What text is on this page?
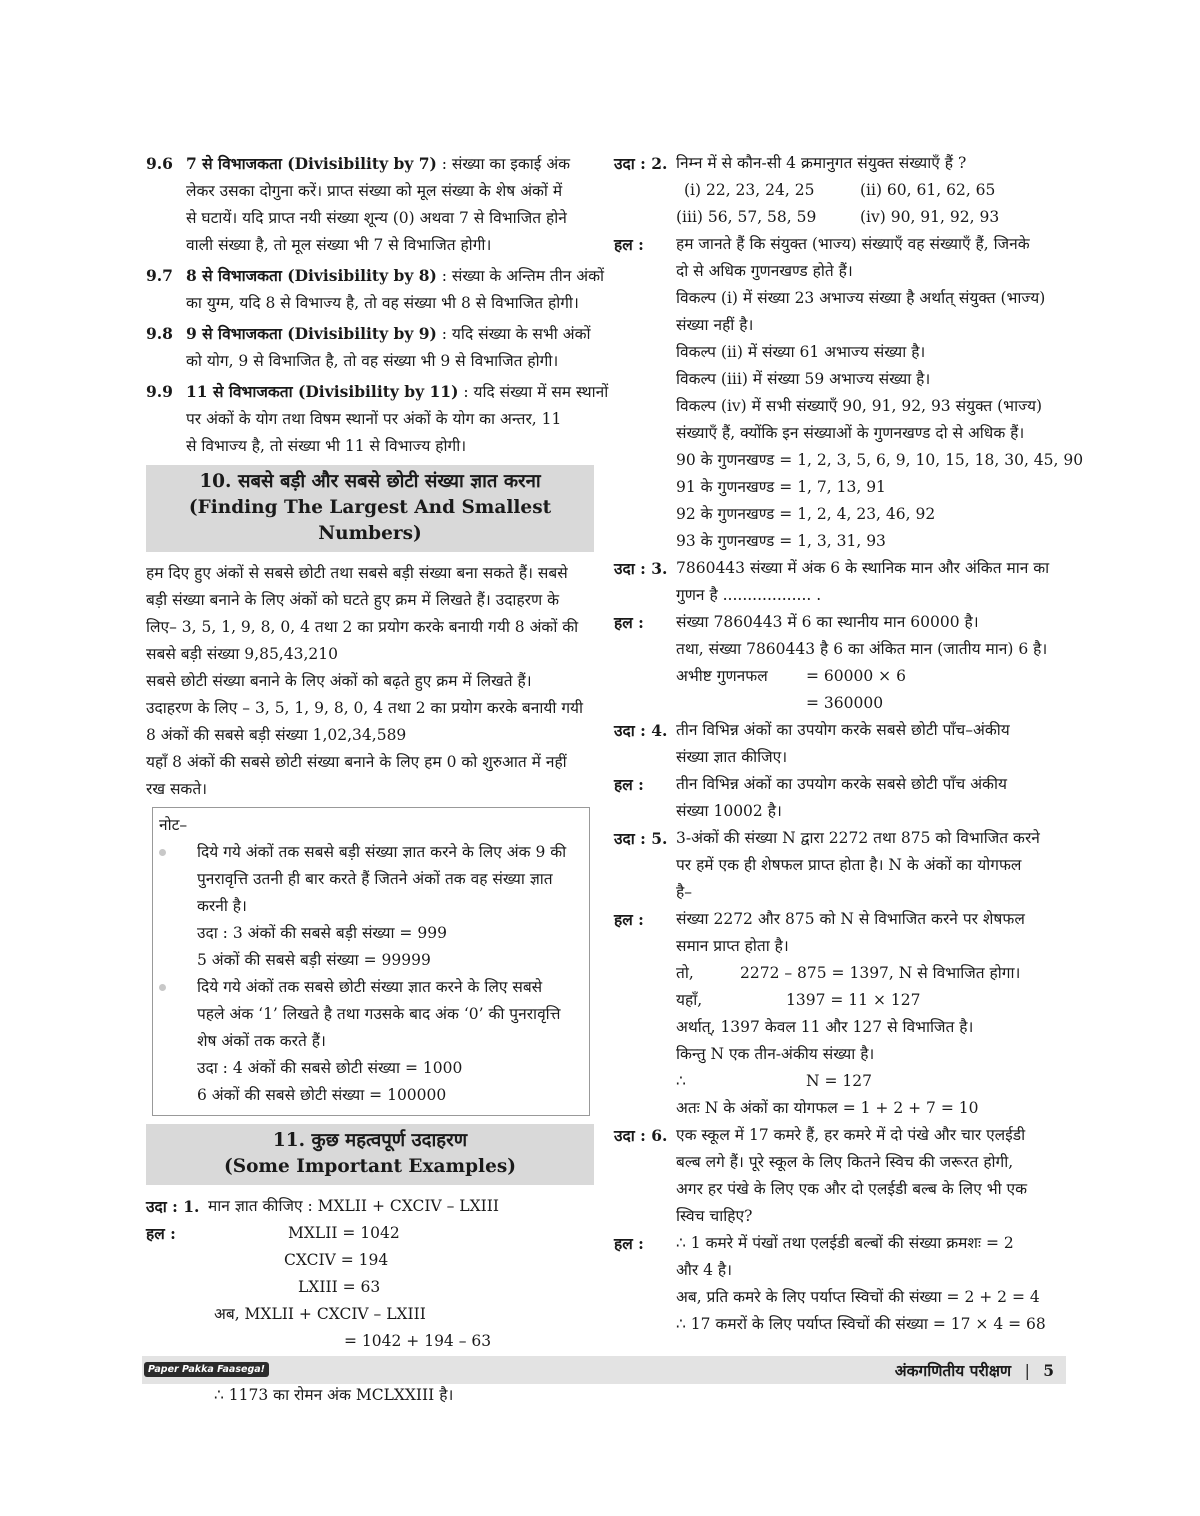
9.6 7 से विभाजकता (Divisibility by 7) : संख्या का इकाई अंक
लेकर उसका दोगुना करें। प्राप्त संख्या को मूल संख्या के शेष अंकों में
से घटायें। यदि प्राप्त नयी संख्या शून्य (0) अथवा 7 से विभाजित होने
वाली संख्या है, तो मूल संख्या भी 7 से विभाजित होगी।
9.7 8 से विभाजकता (Divisibility by 8) : संख्या के अन्तिम तीन अंकों
का युग्म, यदि 8 से विभाज्य है, तो वह संख्या भी 8 से विभाजित होगी।
9.8 9 से विभाजकता (Divisibility by 9) : यदि संख्या के सभी अंकों
को योग, 9 से विभाजित है, तो वह संख्या भी 9 से विभाजित होगी।
9.9 11 से विभाजकता (Divisibility by 11) : यदि संख्या में सम स्थानों
पर अंकों के योग तथा विषम स्थानों पर अंकों के योग का अन्तर, 11
से विभाज्य है, तो संख्या भी 11 से विभाज्य होगी।
10. सबसे बड़ी और सबसे छोटी संख्या ज्ञात करना
(Finding The Largest And Smallest Numbers)
हम दिए हुए अंकों से सबसे छोटी तथा सबसे बड़ी संख्या बना सकते हैं। सबसे
बड़ी संख्या बनाने के लिए अंकों को घटते हुए क्रम में लिखते हैं। उदाहरण के
लिए– 3, 5, 1, 9, 8, 0, 4 तथा 2 का प्रयोग करके बनायी गयी 8 अंकों की
सबसे बड़ी संख्या 9,85,43,210
सबसे छोटी संख्या बनाने के लिए अंकों को बढ़ते हुए क्रम में लिखते हैं।
उदाहरण के लिए – 3, 5, 1, 9, 8, 0, 4 तथा 2 का प्रयोग करके बनायी गयी
8 अंकों की सबसे बड़ी संख्या 1,02,34,589
यहाँ 8 अंकों की सबसे छोटी संख्या बनाने के लिए हम 0 को शुरुआत में नहीं
रख सकते।
नोट–
दिये गये अंकों तक सबसे बड़ी संख्या ज्ञात करने के लिए अंक 9 की
पुनरावृत्ति उतनी ही बार करते हैं जितने अंकों तक वह संख्या ज्ञात
करनी है।
उदा : 3 अंकों की सबसे बड़ी संख्या = 999
5 अंकों की सबसे बड़ी संख्या = 99999
दिये गये अंकों तक सबसे छोटी संख्या ज्ञात करने के लिए सबसे
पहले अंक ‘1’ लिखते है तथा गउसके बाद अंक ‘0’ की पुनरावृत्ति
शेष अंकों तक करते हैं।
उदा : 4 अंकों की सबसे छोटी संख्या = 1000
6 अंकों की सबसे छोटी संख्या = 100000
11. कुछ महत्वपूर्ण उदाहरण
(Some Important Examples)
उदा : 1. मान ज्ञात कीजिए : MXLII + CXCIV – LXIII
हल :	MXLII = 1042
CXCIV = 194
LXIII = 63
अब, MXLII + CXCIV – LXIII
= 1042 + 194 – 63
∴ 1173 का रोमन अंक MCLXXIII है।
उदा : 2. निम्न में से कौन-सी 4 क्रमानुगत संयुक्त संख्याएँ हैं ?
(i) 22, 23, 24, 25	(ii) 60, 61, 62, 65
(iii) 56, 57, 58, 59	(iv) 90, 91, 92, 93
हल : हम जानते हैं कि संयुक्त (भाज्य) संख्याएँ वह संख्याएँ हैं, जिनके
दो से अधिक गुणनखण्ड होते हैं।
विकल्प (i) में संख्या 23 अभाज्य संख्या है अर्थात् संयुक्त (भाज्य)
संख्या नहीं है।
विकल्प (ii) में संख्या 61 अभाज्य संख्या है।
विकल्प (iii) में संख्या 59 अभाज्य संख्या है।
विकल्प (iv) में सभी संख्याएँ 90, 91, 92, 93 संयुक्त (भाज्य)
संख्याएँ हैं, क्योंकि इन संख्याओं के गुणनखण्ड दो से अधिक हैं।
90 के गुणनखण्ड = 1, 2, 3, 5, 6, 9, 10, 15, 18, 30, 45, 90
91 के गुणनखण्ड = 1, 7, 13, 91
92 के गुणनखण्ड = 1, 2, 4, 23, 46, 92
93 के गुणनखण्ड = 1, 3, 31, 93
उदा : 3. 7860443 संख्या में अंक 6 के स्थानिक मान और अंकित मान का
गुणन है .................. .
हल : संख्या 7860443 में 6 का स्थानीय मान 60000 है।
तथा, संख्या 7860443 है 6 का अंकित मान (जातीय मान) 6 है।
अभीष्ट गुणनफल	= 60000 × 6
= 360000
उदा : 4. तीन विभिन्न अंकों का उपयोग करके सबसे छोटी पाँच–अंकीय
संख्या ज्ञात कीजिए।
हल : तीन विभिन्न अंकों का उपयोग करके सबसे छोटी पाँच अंकीय
संख्या 10002 है।
उदा : 5. 3-अंकों की संख्या N द्वारा 2272 तथा 875 को विभाजित करने
पर हमें एक ही शेषफल प्राप्त होता है। N के अंकों का योगफल
है–
हल : संख्या 2272 और 875 को N से विभाजित करने पर शेषफल
समान प्राप्त होता है।
तो,	2272 – 875 = 1397, N से विभाजित होगा।
यहाँ,	1397 = 11 × 127
अर्थात्, 1397 केवल 11 और 127 से विभाजित है।
किन्तु N एक तीन-अंकीय संख्या है।
∴	N = 127
अतः N के अंकों का योगफल = 1 + 2 + 7 = 10
उदा : 6. एक स्कूल में 17 कमरे हैं, हर कमरे में दो पंखे और चार एलईडी
बल्ब लगे हैं। पूरे स्कूल के लिए कितने स्विच की जरूरत होगी,
अगर हर पंखे के लिए एक और दो एलईडी बल्ब के लिए भी एक
स्विच चाहिए?
हल : ∴ 1 कमरे में पंखों तथा एलईडी बल्बों की संख्या क्रमशः = 2
और 4 है।
अब, प्रति कमरे के लिए पर्याप्त स्विचों की संख्या = 2 + 2 = 4
∴ 17 कमरों के लिए पर्याप्त स्विचों की संख्या = 17 × 4 = 68
Paper Pakka Faasega!	अंकगणितीय परीक्षण | 5
